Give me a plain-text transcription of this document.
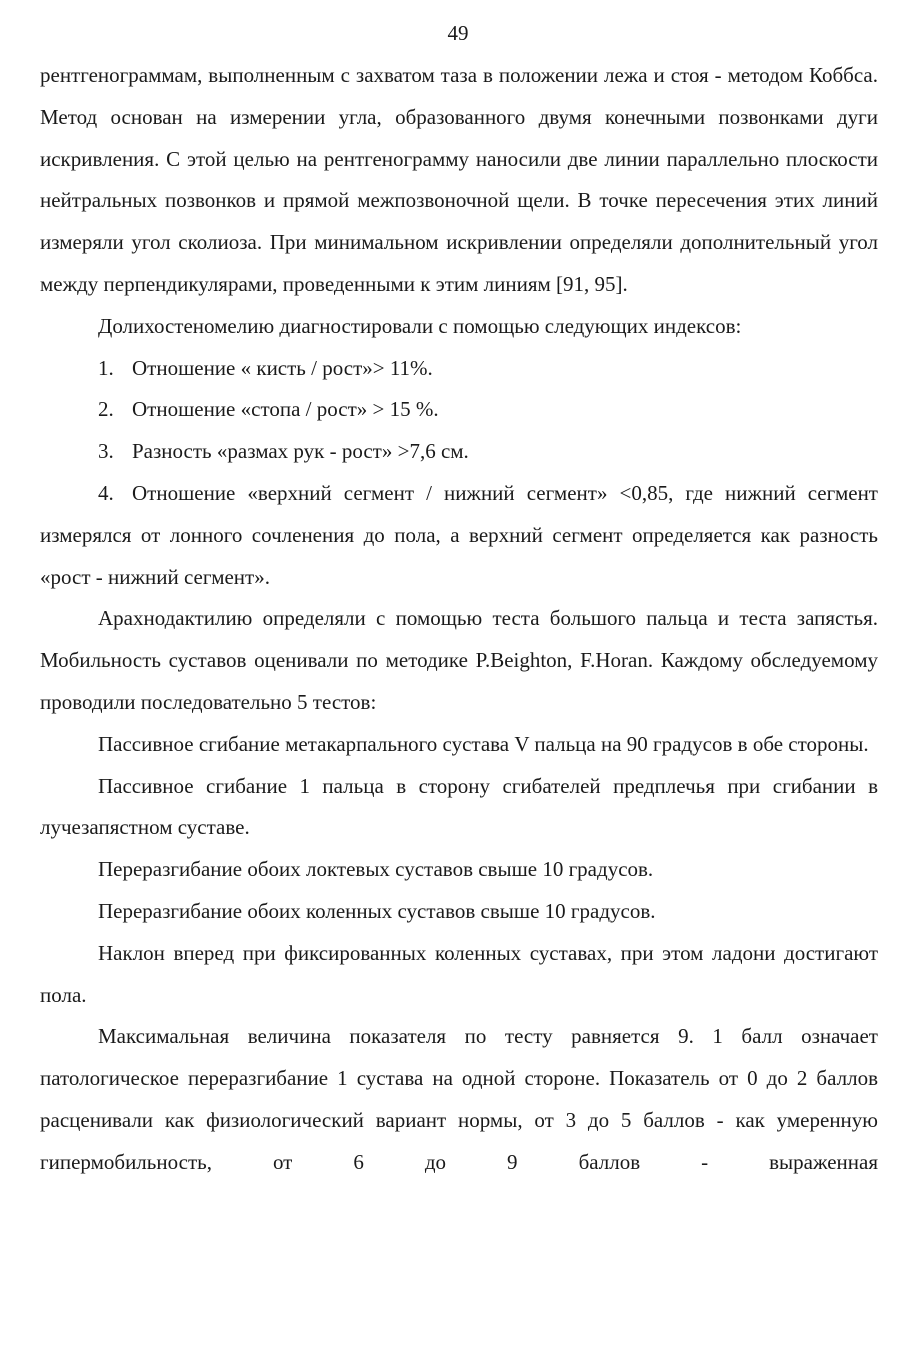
49

рентгенограммам, выполненным с захватом таза в положении лежа и стоя - методом Коббса. Метод основан на измерении угла, образованного двумя конечными позвонками дуги искривления. С этой целью на рентгенограмму наносили две линии параллельно плоскости нейтральных позвонков и прямой межпозвоночной щели. В точке пересечения этих линий измеряли угол сколиоза. При минимальном искривлении определяли дополнительный угол между перпендикулярами, проведенными к этим линиям [91, 95].

Долихостеномелию диагностировали с помощью следующих индексов:

1. Отношение « кисть / рост»> 11%.

2. Отношение «стопа / рост» > 15 %.

3. Разность «размах рук - рост» >7,6 см.

4. Отношение «верхний сегмент / нижний сегмент» <0,85, где нижний сегмент измерялся от лонного сочленения до пола, а верхний сегмент определяется как разность «рост - нижний сегмент».

Арахнодактилию определяли с помощью теста большого пальца и теста запястья. Мобильность суставов оценивали по методике P.Beighton, F.Horan. Каждому обследуемому проводили последовательно 5 тестов:

Пассивное сгибание метакарпального сустава V пальца на 90 градусов в обе стороны.

Пассивное сгибание 1 пальца в сторону сгибателей предплечья при сгибании в лучезапястном суставе.

Переразгибание обоих локтевых суставов свыше 10 градусов.

Переразгибание обоих коленных суставов свыше 10 градусов.

Наклон вперед при фиксированных коленных суставах, при этом ладони достигают пола.

Максимальная величина показателя по тесту равняется 9. 1 балл означает патологическое переразгибание 1 сустава на одной стороне. Показатель от 0 до 2 баллов расценивали как физиологический вариант нормы, от 3 до 5 баллов - как умеренную гипермобильность, от 6 до 9 баллов - выраженная
